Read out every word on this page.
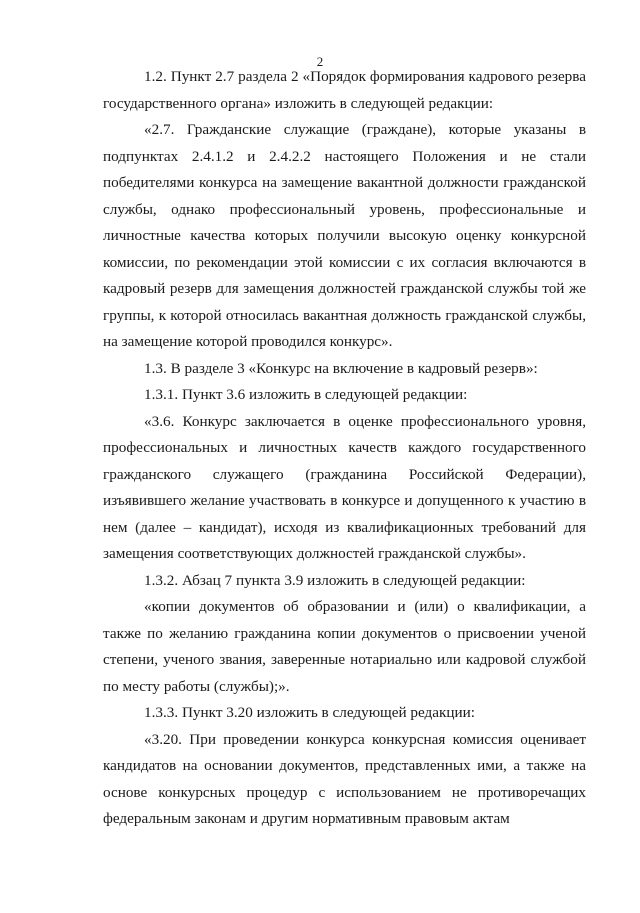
2

1.2. Пункт 2.7 раздела 2 «Порядок формирования кадрового резерва государственного органа» изложить в следующей редакции:

«2.7. Гражданские служащие (граждане), которые указаны в подпунктах 2.4.1.2 и 2.4.2.2 настоящего Положения и не стали победителями конкурса на замещение вакантной должности гражданской службы, однако профессиональный уровень, профессиональные и личностные качества которых получили высокую оценку конкурсной комиссии, по рекомендации этой комиссии с их согласия включаются в кадровый резерв для замещения должностей гражданской службы той же группы, к которой относилась вакантная должность гражданской службы, на замещение которой проводился конкурс».

1.3. В разделе 3 «Конкурс на включение в кадровый резерв»:

1.3.1. Пункт 3.6 изложить в следующей редакции:

«3.6. Конкурс заключается в оценке профессионального уровня, профессиональных и личностных качеств каждого государственного гражданского служащего (гражданина Российской Федерации), изъявившего желание участвовать в конкурсе и допущенного к участию в нем (далее – кандидат), исходя из квалификационных требований для замещения соответствующих должностей гражданской службы».

1.3.2. Абзац 7 пункта 3.9 изложить в следующей редакции:

«копии документов об образовании и (или) о квалификации, а также по желанию гражданина копии документов о присвоении ученой степени, ученого звания, заверенные нотариально или кадровой службой по месту работы (службы);».

1.3.3. Пункт 3.20 изложить в следующей редакции:

«3.20. При проведении конкурса конкурсная комиссия оценивает кандидатов на основании документов, представленных ими, а также на основе конкурсных процедур с использованием не противоречащих федеральным законам и другим нормативным правовым актам
